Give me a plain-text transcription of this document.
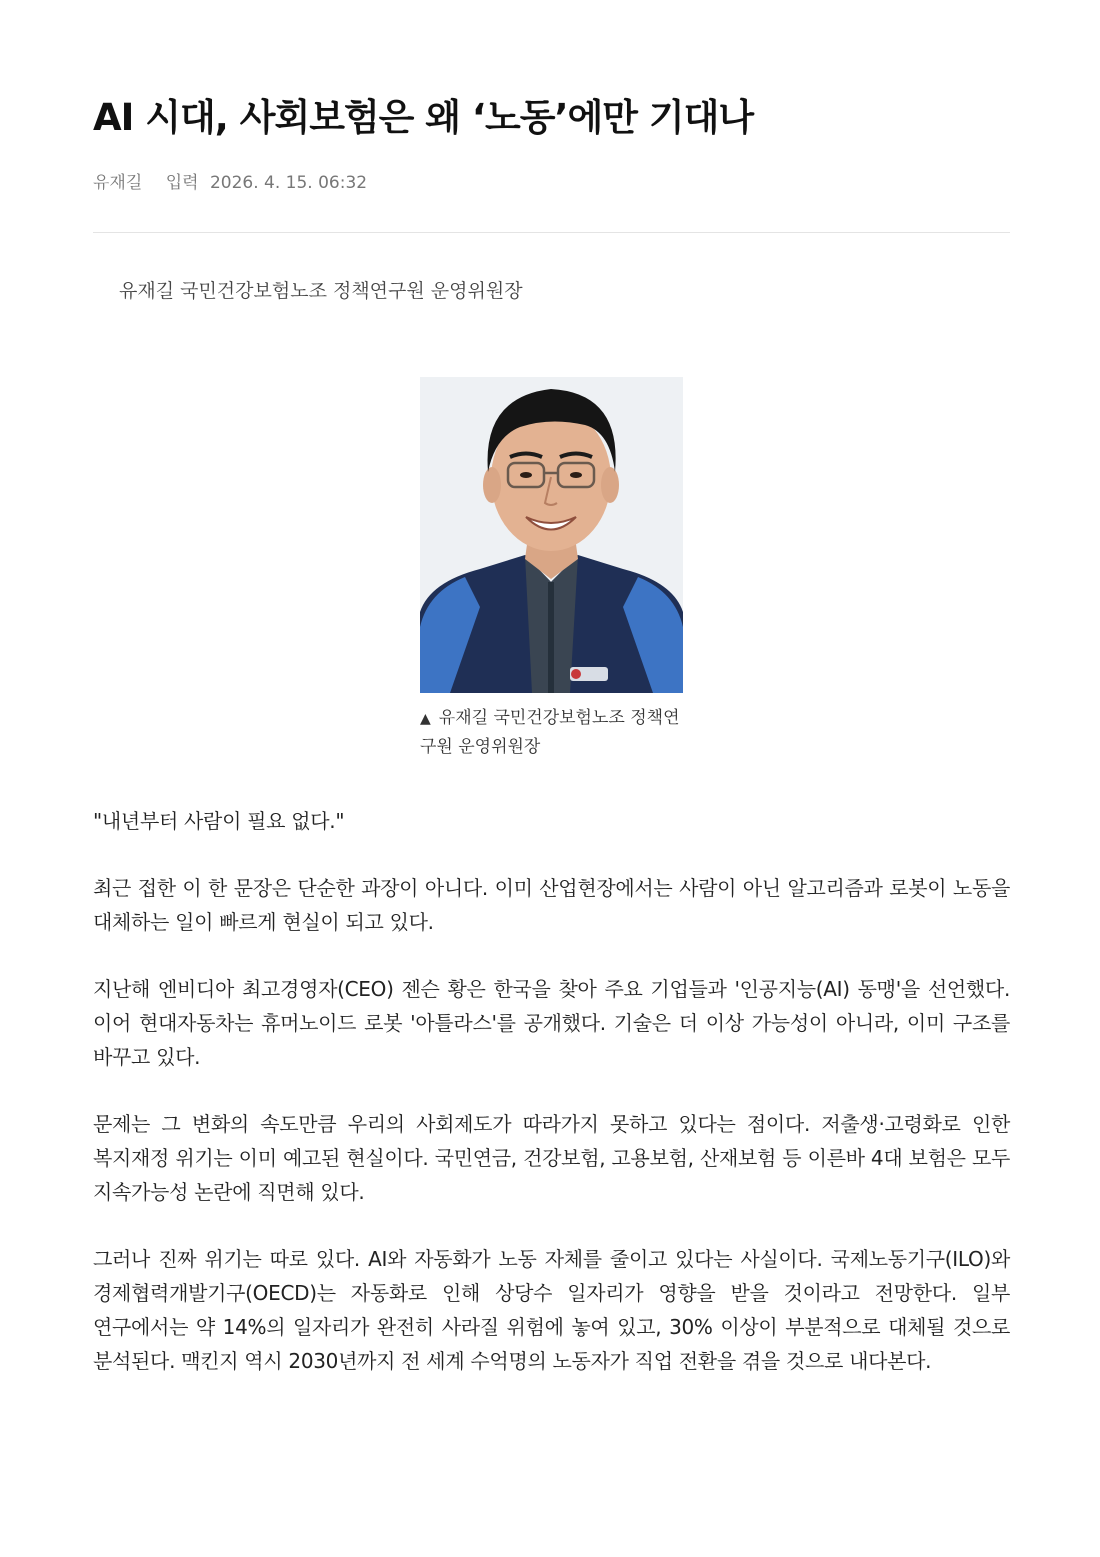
AI 시대, 사회보험은 왜 ‘노동’에만 기대나
유재길 입력 2026. 4. 15. 06:32
유재길 국민건강보험노조 정책연구원 운영위원장
▲ 유재길 국민건강보험노조 정책연구원 운영위원장

"내년부터 사람이 필요 없다."

최근 접한 이 한 문장은 단순한 과장이 아니다. 이미 산업현장에서는 사람이 아닌 알고리즘과 로봇이 노동을 대체하는 일이 빠르게 현실이 되고 있다.

지난해 엔비디아 최고경영자(CEO) 젠슨 황은 한국을 찾아 주요 기업들과 '인공지능(AI) 동맹'을 선언했다. 이어 현대자동차는 휴머노이드 로봇 '아틀라스'를 공개했다. 기술은 더 이상 가능성이 아니라, 이미 구조를 바꾸고 있다.

문제는 그 변화의 속도만큼 우리의 사회제도가 따라가지 못하고 있다는 점이다. 저출생·고령화로 인한 복지재정 위기는 이미 예고된 현실이다. 국민연금, 건강보험, 고용보험, 산재보험 등 이른바 4대 보험은 모두 지속가능성 논란에 직면해 있다.

그러나 진짜 위기는 따로 있다. AI와 자동화가 노동 자체를 줄이고 있다는 사실이다. 국제노동기구(ILO)와 경제협력개발기구(OECD)는 자동화로 인해 상당수 일자리가 영향을 받을 것이라고 전망한다. 일부 연구에서는 약 14%의 일자리가 완전히 사라질 위험에 놓여 있고, 30% 이상이 부분적으로 대체될 것으로 분석된다. 맥킨지 역시 2030년까지 전 세계 수억명의 노동자가 직업 전환을 겪을 것으로 내다본다.
